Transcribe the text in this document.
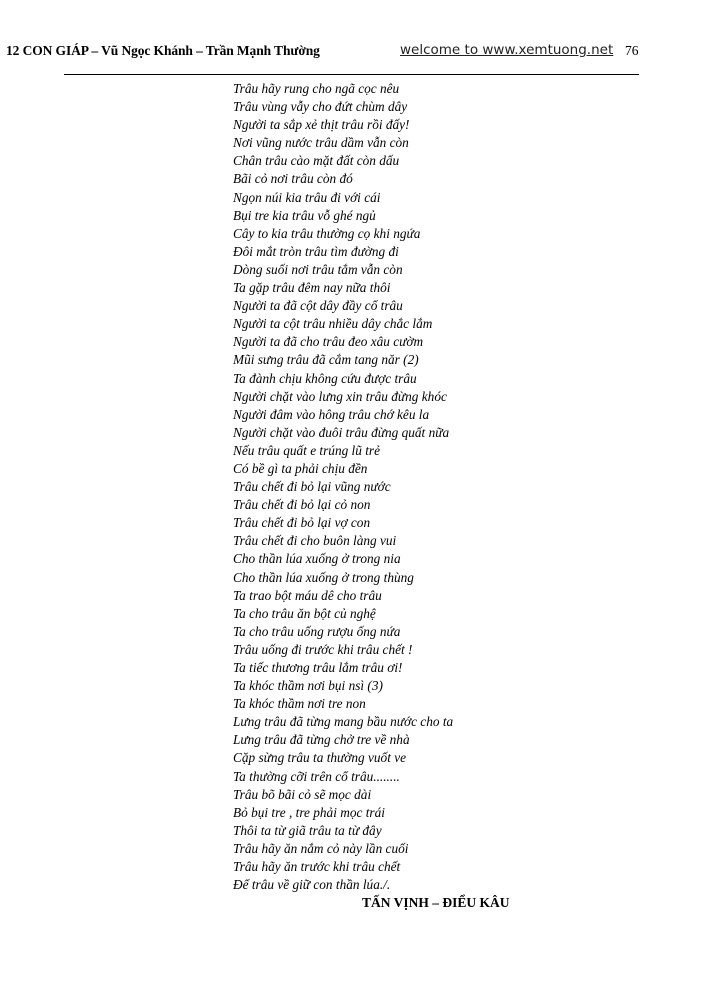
12 CON GIÁP – Vũ Ngọc Khánh – Trần Mạnh Thường	welcome to www.xemtuong.net 76
Trâu hãy rung cho ngã cọc nêu
Trâu vùng vẫy cho đứt chùm dây
Người ta sắp xẻ thịt trâu rồi đấy!
Nơi vũng nước trâu dầm vẫn còn
Chân trâu cào mặt đất còn dấu
Bãi cỏ nơi trâu còn đó
Ngọn núi kia trâu đi với cái
Bụi tre kia trâu vỗ ghé ngủ
Cây to kia trâu thường cọ khi ngứa
Đôi mắt tròn trâu tìm đường đi
Dòng suối nơi trâu tắm vẫn còn
Ta gặp trâu đêm nay nữa thôi
Người ta đã cột dây đầy cổ trâu
Người ta cột trâu nhiều dây chắc lắm
Người ta đã cho trâu đeo xâu cườm
Mũi sưng trâu đã cắm tang năr (2)
Ta đành chịu không cứu được trâu
Người chặt vào lưng xin trâu đừng khóc
Người đâm vào hông trâu chớ kêu la
Người chặt vào đuôi trâu đừng quất nữa
Nếu trâu quất e trúng lũ trẻ
Có bề gì ta phải chịu đền
Trâu chết đi bỏ lại vũng nước
Trâu chết đi bỏ lại cỏ non
Trâu chết đi bỏ lại vợ con
Trâu chết đi cho buôn làng vui
Cho thần lúa xuống ở trong nia
Cho thần lúa xuống ở trong thùng
Ta trao bột máu dê cho trâu
Ta cho trâu ăn bột củ nghệ
Ta cho trâu uống rượu ống nứa
Trâu uống đi trước khi trâu chết !
Ta tiếc thương trâu lắm trâu ơi!
Ta khóc thầm nơi bụi nsì (3)
Ta khóc thầm nơi tre non
Lưng trâu đã từng mang bầu nước cho ta
Lưng trâu đã từng chở tre về nhà
Cặp sừng trâu ta thường vuốt ve
Ta thường cỡi trên cổ trâu........
Trâu bõ bãi cỏ sẽ mọc dài
Bỏ bụi tre , tre phải mọc trái
Thôi ta từ giã trâu ta từ đây
Trâu hãy ăn nắm cỏ này lần cuối
Trâu hãy ăn trước khi trâu chết
Để trâu về giữ con thần lúa./.
TẤN VỊNH – ĐIỂU KÂU
